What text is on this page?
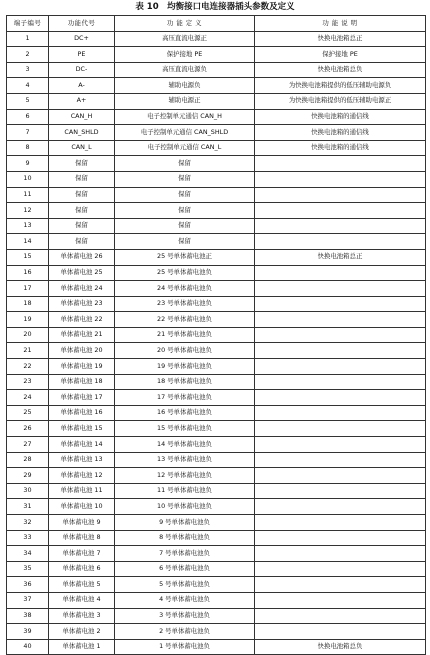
表 10　均衡接口电连接器插头参数及定义
端子编号	功能代号	功 能 定 义	功 能 说 明
1	DC+	高压直流电源正	快换电池箱总正
2	PE	保护接地 PE	保护接地 PE
3	DC-	高压直流电源负	快换电池箱总负
4	A-	辅助电源负	为快换电池箱提供的低压辅助电源负
5	A+	辅助电源正	为快换电池箱提供的低压辅助电源正
6	CAN_H	电子控制单元通信 CAN_H	快换电池箱的通信线
7	CAN_SHLD	电子控制单元通信 CAN_SHLD	快换电池箱的通信线
8	CAN_L	电子控制单元通信 CAN_L	快换电池箱的通信线
9	保留	保留	
10	保留	保留	
11	保留	保留	
12	保留	保留	
13	保留	保留	
14	保留	保留	
15	单体蓄电池 26	25 号单体蓄电池正	快换电池箱总正
16	单体蓄电池 25	25 号单体蓄电池负	
17	单体蓄电池 24	24 号单体蓄电池负	
18	单体蓄电池 23	23 号单体蓄电池负	
19	单体蓄电池 22	22 号单体蓄电池负	
20	单体蓄电池 21	21 号单体蓄电池负	
21	单体蓄电池 20	20 号单体蓄电池负	
22	单体蓄电池 19	19 号单体蓄电池负	
23	单体蓄电池 18	18 号单体蓄电池负	
24	单体蓄电池 17	17 号单体蓄电池负	
25	单体蓄电池 16	16 号单体蓄电池负	
26	单体蓄电池 15	15 号单体蓄电池负	
27	单体蓄电池 14	14 号单体蓄电池负	
28	单体蓄电池 13	13 号单体蓄电池负	
29	单体蓄电池 12	12 号单体蓄电池负	
30	单体蓄电池 11	11 号单体蓄电池负	
31	单体蓄电池 10	10 号单体蓄电池负	
32	单体蓄电池 9	9 号单体蓄电池负	
33	单体蓄电池 8	8 号单体蓄电池负	
34	单体蓄电池 7	7 号单体蓄电池负	
35	单体蓄电池 6	6 号单体蓄电池负	
36	单体蓄电池 5	5 号单体蓄电池负	
37	单体蓄电池 4	4 号单体蓄电池负	
38	单体蓄电池 3	3 号单体蓄电池负	
39	单体蓄电池 2	2 号单体蓄电池负	
40	单体蓄电池 1	1 号单体蓄电池负	快换电池箱总负
